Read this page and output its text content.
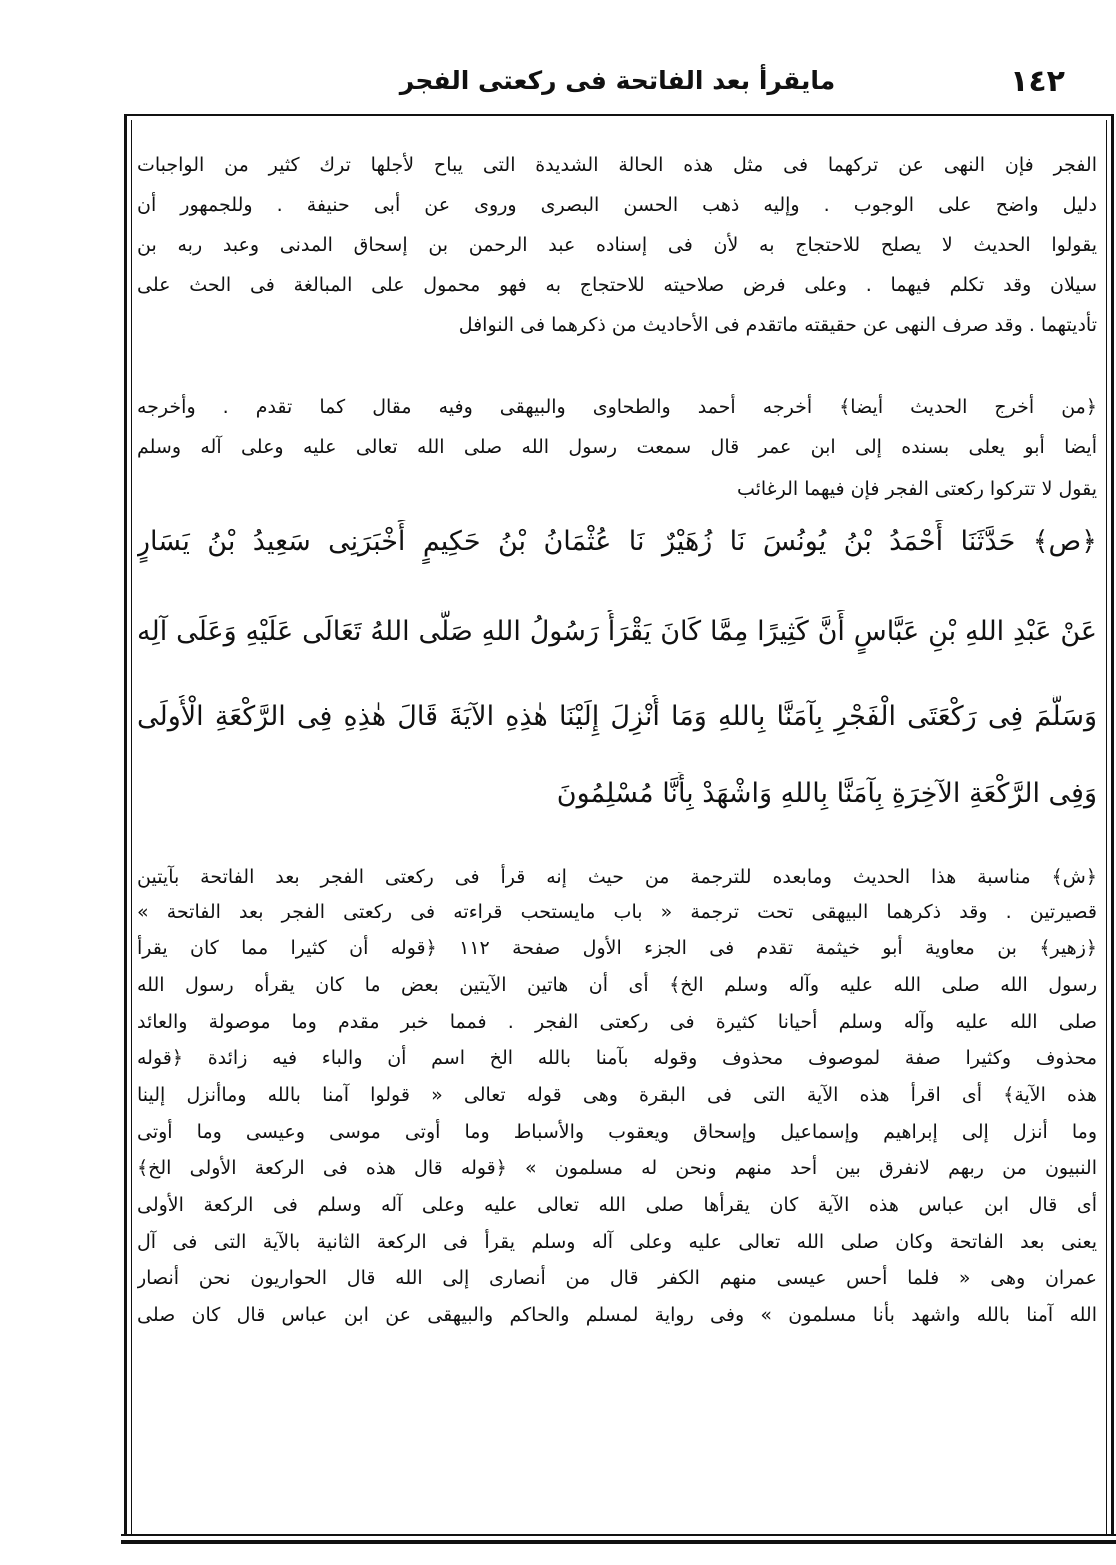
١٤٢
مايقرأ بعد الفاتحة فى ركعتى الفجر
الفجر فإن النهى عن تركهما فى مثل هذه الحالة الشديدة التى يباح لأجلها ترك كثير من الواجبات
دليل واضح على الوجوب . وإليه ذهب الحسن البصرى وروى عن أبى حنيفة . وللجمهور أن
يقولوا الحديث لا يصلح للاحتجاج به لأن فى إسناده عبد الرحمن بن إسحاق المدنى وعبد ربه بن
سيلان وقد تكلم فيهما . وعلى فرض صلاحيته للاحتجاج به فهو محمول على المبالغة فى الحث على
تأديتهما . وقد صرف النهى عن حقيقته ماتقدم فى الأحاديث من ذكرهما فى النوافل
﴿من أخرج الحديث أيضا﴾ أخرجه أحمد والطحاوى والبيهقى وفيه مقال كما تقدم . وأخرجه
أيضا أبو يعلى بسنده إلى ابن عمر قال سمعت رسول الله صلى الله تعالى عليه وعلى آله وسلم
يقول لا تتركوا ركعتى الفجر فإن فيهما الرغائب
﴿ص﴾ حَدَّثَنَا أَحْمَدُ بْنُ يُونُسَ نَا زُهَيْرٌ نَا عُثْمَانُ بْنُ حَكِيمٍ أَخْبَرَنِى سَعِيدُ بْنُ يَسَارٍ
عَنْ عَبْدِ اللهِ بْنِ عَبَّاسٍ أَنَّ كَثِيرًا مِمَّا كَانَ يَقْرَأُ رَسُولُ اللهِ صَلَّى اللهُ تَعَالَى عَلَيْهِ وَعَلَى آلِه
وَسَلَّمَ فِى رَكْعَتَى الْفَجْرِ بِآمَنَّا بِاللهِ وَمَا أُنْزِلَ إِلَيْنَا هٰذِهِ الآيَةَ قَالَ هٰذِهِ فِى الرَّكْعَةِ الْأُولَى
وَفِى الرَّكْعَةِ الآخِرَةِ بِآمَنَّا بِاللهِ وَاشْهَدْ بِأَنَّا مُسْلِمُونَ
﴿ش﴾ مناسبة هذا الحديث ومابعده للترجمة من حيث إنه قرأ فى ركعتى الفجر بعد الفاتحة بآيتين
قصيرتين . وقد ذكرهما البيهقى تحت ترجمة « باب مايستحب قراءته فى ركعتى الفجر بعد الفاتحة »
﴿زهير﴾ بن معاوية أبو خيثمة تقدم فى الجزء الأول صفحة ١١٢ ﴿قوله أن كثيرا مما كان يقرأ
رسول الله صلى الله عليه وآله وسلم الخ﴾ أى أن هاتين الآيتين بعض ما كان يقرأه رسول الله
صلى الله عليه وآله وسلم أحيانا كثيرة فى ركعتى الفجر . فمما خبر مقدم وما موصولة والعائد
محذوف وكثيرا صفة لموصوف محذوف وقوله بآمنا بالله الخ اسم أن والباء فيه زائدة ﴿قوله
هذه الآية﴾ أى اقرأ هذه الآية التى فى البقرة وهى قوله تعالى « قولوا آمنا بالله وماأنزل إلينا
وما أنزل إلى إبراهيم وإسماعيل وإسحاق ويعقوب والأسباط وما أوتى موسى وعيسى وما أوتى
النبيون من ربهم لانفرق بين أحد منهم ونحن له مسلمون » ﴿قوله قال هذه فى الركعة الأولى الخ﴾
أى قال ابن عباس هذه الآية كان يقرأها صلى الله تعالى عليه وعلى آله وسلم فى الركعة الأولى
يعنى بعد الفاتحة وكان صلى الله تعالى عليه وعلى آله وسلم يقرأ فى الركعة الثانية بالآية التى فى آل
عمران وهى « فلما أحس عيسى منهم الكفر قال من أنصارى إلى الله قال الحواريون نحن أنصار
الله آمنا بالله واشهد بأنا مسلمون » وفى رواية لمسلم والحاكم والبيهقى عن ابن عباس قال كان صلى
